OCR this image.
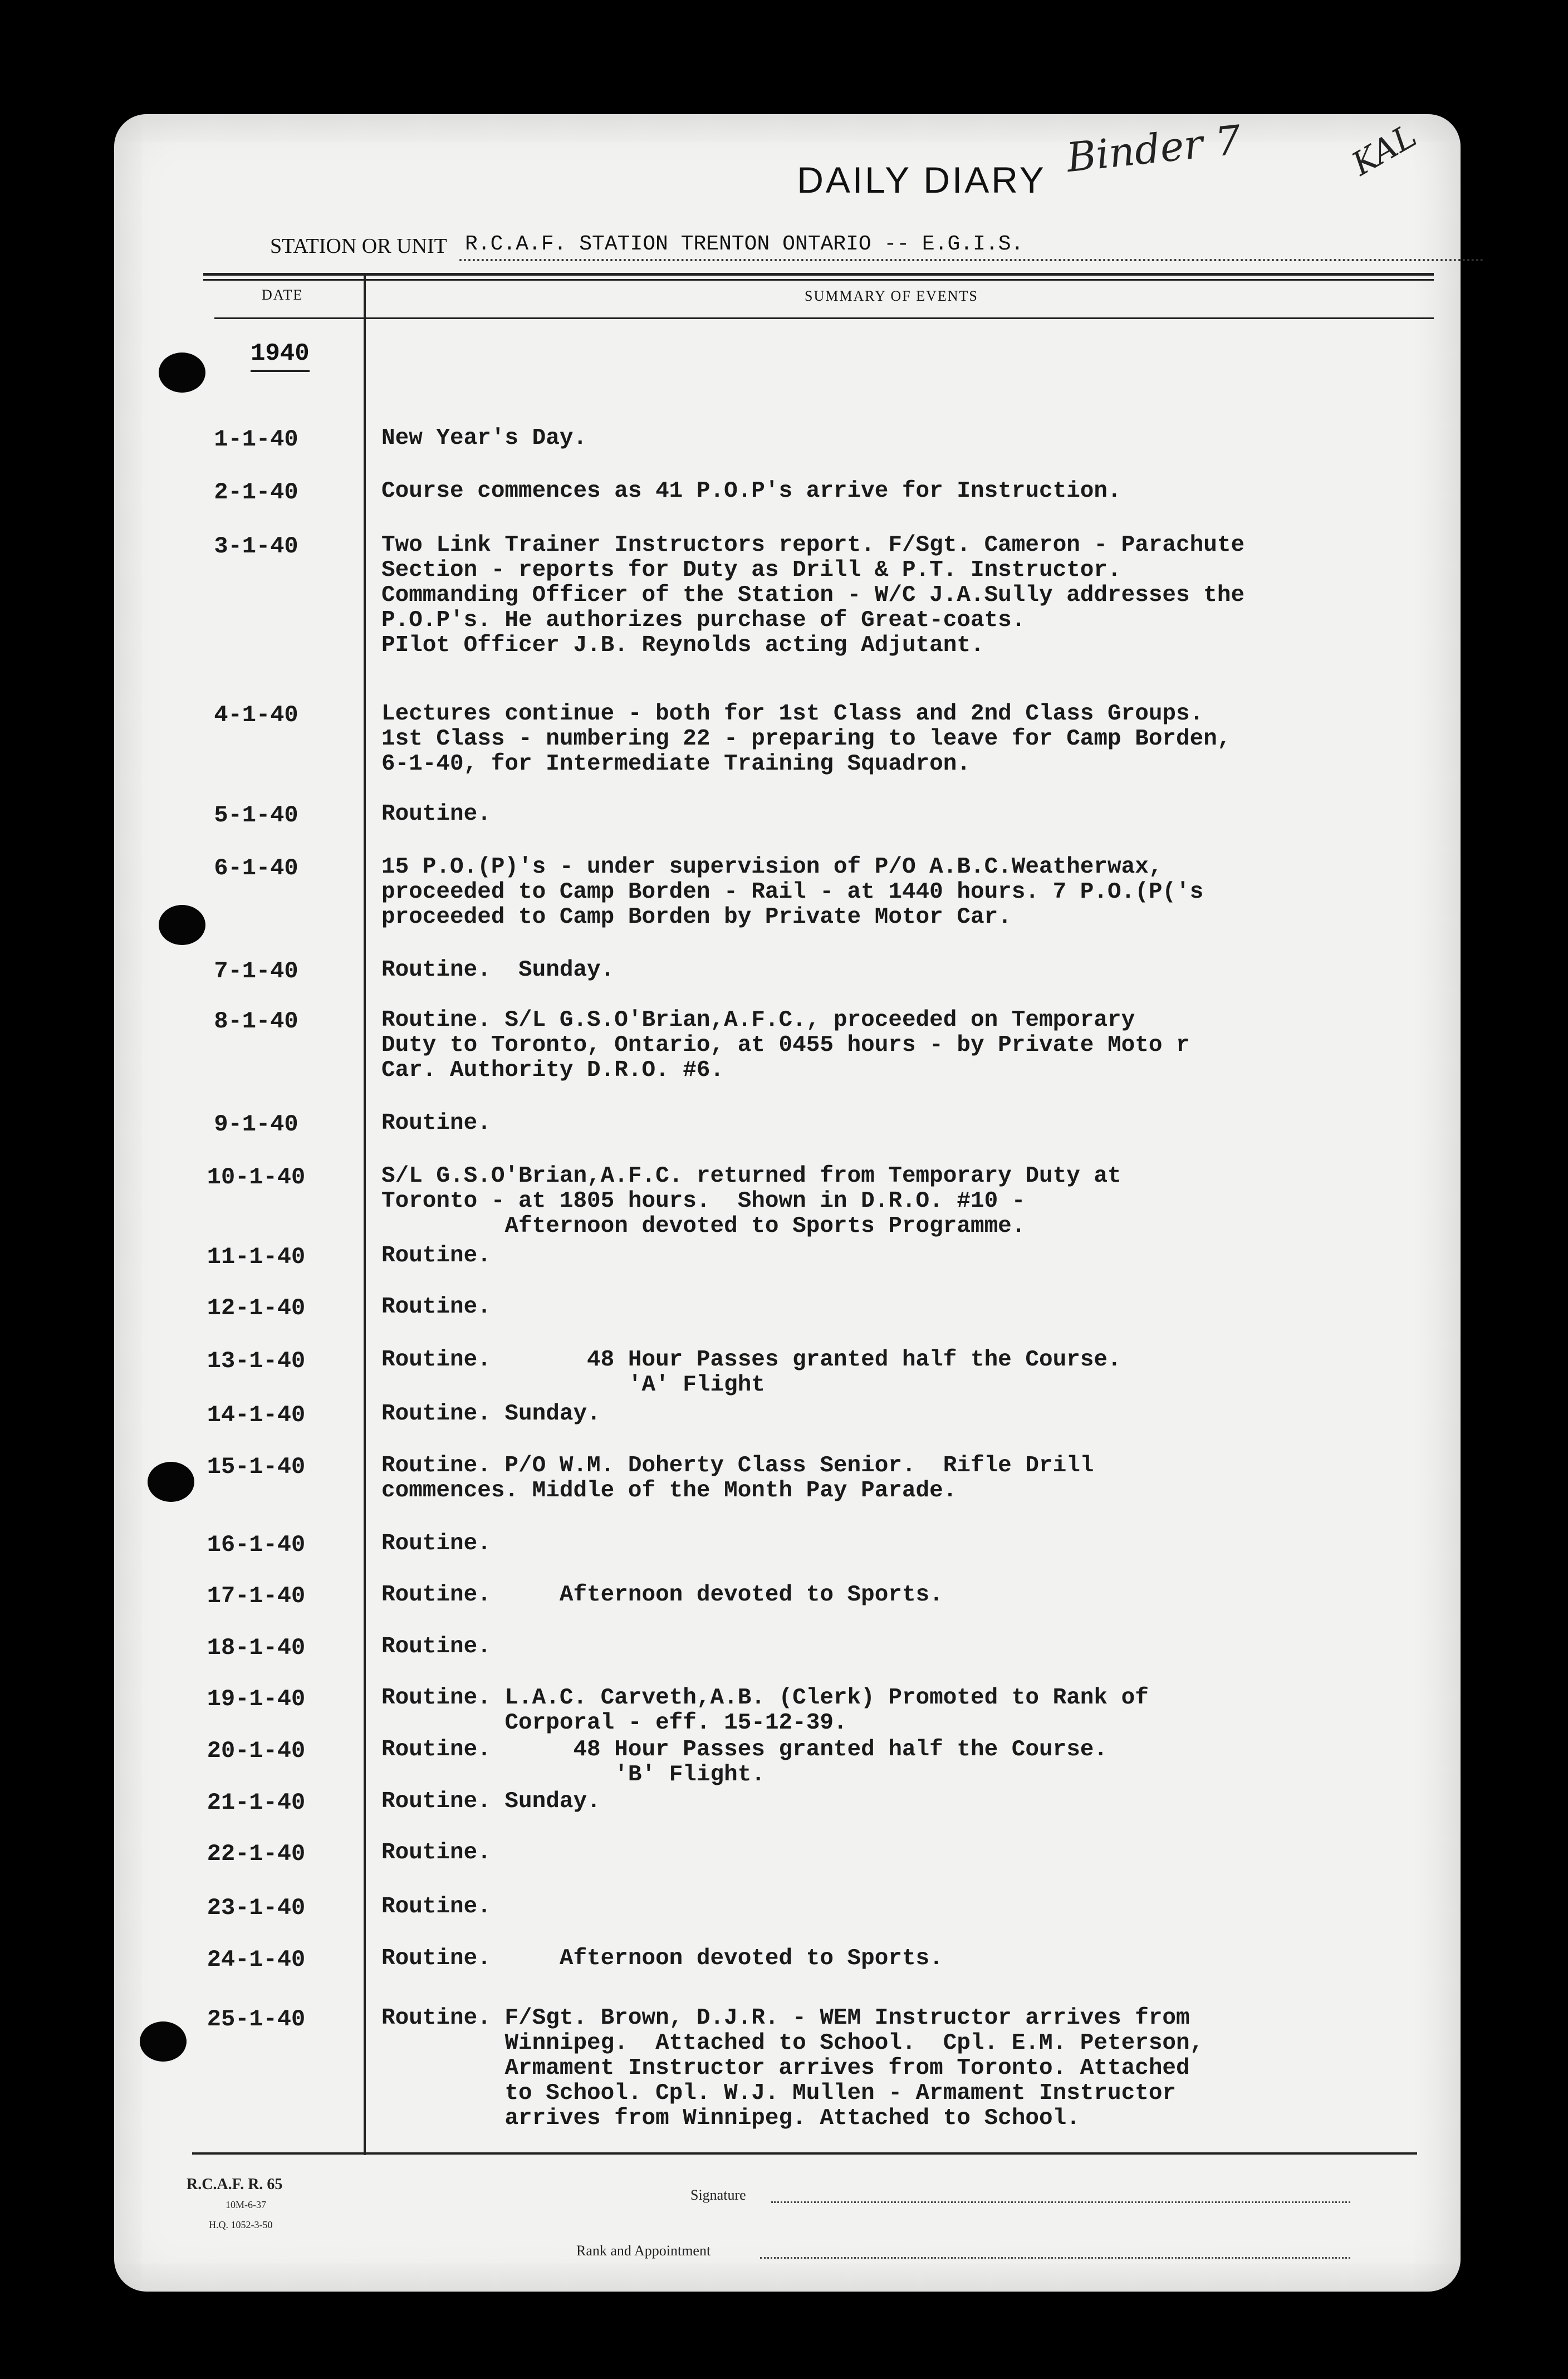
Binder 7	KAL
DAILY DIARY
STATION OR UNIT R.C.A.F. STATION TRENTON ONTARIO -- E.G.I.S.
DATE	SUMMARY OF EVENTS
1940
1-1-40	New Year's Day.
2-1-40	Course commences as 41 P.O.P's arrive for Instruction.
3-1-40	Two Link Trainer Instructors report. F/Sgt. Cameron - Parachute
Section - reports for Duty as Drill & P.T. Instructor.
Commanding Officer of the Station - W/C J.A.Sully addresses the
P.O.P's. He authorizes purchase of Great-coats.
PIlot Officer J.B. Reynolds acting Adjutant.
4-1-40	Lectures continue - both for 1st Class and 2nd Class Groups.
1st Class - numbering 22 - preparing to leave for Camp Borden,
6-1-40, for Intermediate Training Squadron.
5-1-40	Routine.
6-1-40	15 P.O.(P)'s - under supervision of P/O A.B.C.Weatherwax,
proceeded to Camp Borden - Rail - at 1440 hours. 7 P.O.(P('s
proceeded to Camp Borden by Private Motor Car.
7-1-40	Routine.  Sunday.
8-1-40	Routine. S/L G.S.O'Brian,A.F.C., proceeded on Temporary
Duty to Toronto, Ontario, at 0455 hours - by Private Moto r
Car. Authority D.R.O. #6.
9-1-40	Routine.
10-1-40	S/L G.S.O'Brian,A.F.C. returned from Temporary Duty at
Toronto - at 1805 hours.  Shown in D.R.O. #10 -
Afternoon devoted to Sports Programme.
11-1-40	Routine.
12-1-40	Routine.
13-1-40	Routine.       48 Hour Passes granted half the Course.
'A' Flight
14-1-40	Routine. Sunday.
15-1-40	Routine. P/O W.M. Doherty Class Senior.  Rifle Drill
commences. Middle of the Month Pay Parade.
16-1-40	Routine.
17-1-40	Routine.     Afternoon devoted to Sports.
18-1-40	Routine.
19-1-40	Routine. L.A.C. Carveth,A.B. (Clerk) Promoted to Rank of
Corporal - eff. 15-12-39.
20-1-40	Routine.      48 Hour Passes granted half the Course.
'B' Flight.
21-1-40	Routine. Sunday.
22-1-40	Routine.
23-1-40	Routine.
24-1-40	Routine.     Afternoon devoted to Sports.
25-1-40	Routine. F/Sgt. Brown, D.J.R. - WEM Instructor arrives from
Winnipeg.  Attached to School.  Cpl. E.M. Peterson,
Armament Instructor arrives from Toronto. Attached
to School. Cpl. W.J. Mullen - Armament Instructor
arrives from Winnipeg. Attached to School.
R.C.A.F. R. 65
10M-6-37
H.Q. 1052-3-50
Signature
Rank and Appointment
